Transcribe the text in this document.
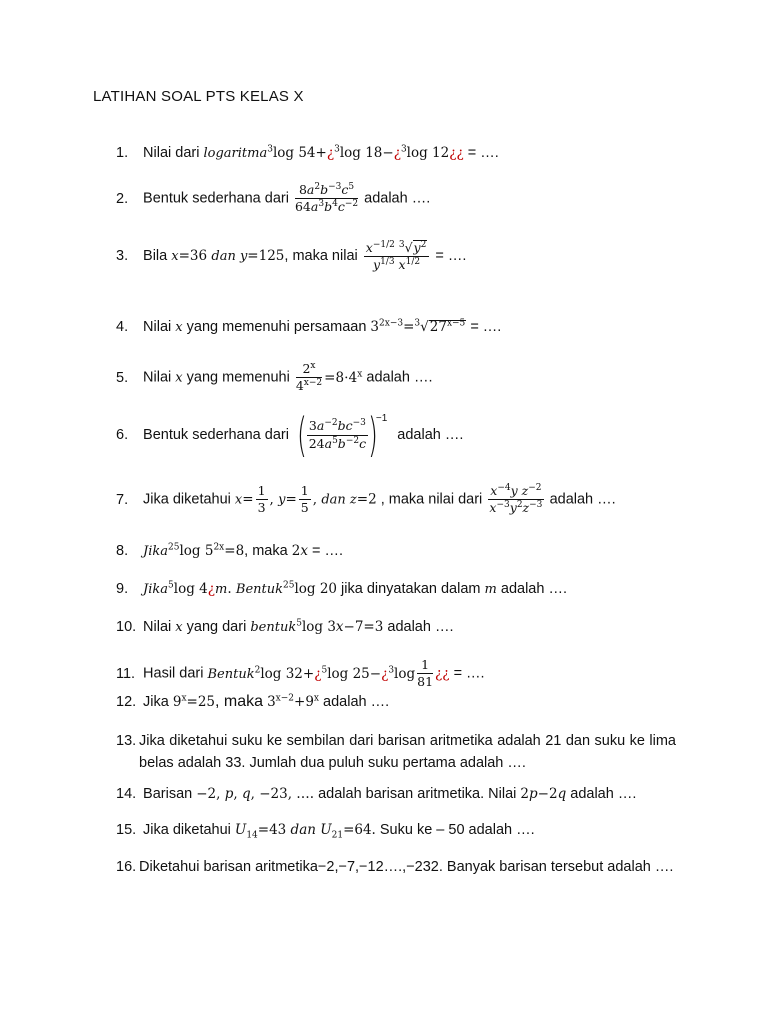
LATIHAN SOAL PTS KELAS X
1. Nilai dari logaritma$^3$log 54+¿$^3$log 18−¿$^3$log 12¿¿ = ….
2. Bentuk sederhana dari $\frac{8a^2b^{-3}c^5}{64a^3b^4c^{-2}}$ adalah ….
3. Bila x=36 dan y=125, maka nilai $\frac{x^{-1/2} ^3√y^2}{y^{1/3} x^{1/2}}$ = ….
4. Nilai x yang memenuhi persamaan $3^{2x-3}=^3√27^{x-5}$ = ….
5. Nilai x yang memenuhi $\frac{2^x}{4^{x-2}} =8\cdot 4^x$ adalah ….
6. Bentuk sederhana dari ( $\frac{3a^{-2}bc^{-3}}{24a^5b^{-2}c} )^{-1}$ adalah ….
7. Jika diketahui $x= \frac{1}{3}$ , $y= \frac{1}{5}$ , dan z=2 , maka nilai dari $\frac{x^{-4}y z^{-2}}{x^{-3}y^2z^{-3}}$ adalah ….
8. Jika$^{25}$log $5^{2x}=8$, maka 2x = ….
9. Jika$^5$log 4¿m. Bentuk$^{25}$log 20 jika dinyatakan dalam m adalah ….
10. Nilai x yang dari bentuk$^5$log 3x−7=3 adalah ….
11. Hasil dari Bentuk$^2$log 32+¿$^5$log 25−¿$^3$log $\frac{1}{81}$ ¿¿ = ….
12. Jika $9^x=25$, maka $3^{x-2}+9^x$ adalah ….
13. Jika diketahui suku ke sembilan dari barisan aritmetika adalah 21 dan suku ke lima belas adalah 33. Jumlah dua puluh suku pertama adalah ….
14. Barisan −2, p, q, −23, …. adalah barisan aritmetika. Nilai 2p−2q adalah ….
15. Jika diketahui $U_{14}=43$ dan $U_{21}=64$. Suku ke – 50 adalah ….
16. Diketahui barisan aritmetika−2,−7,−12….,−232. Banyak barisan tersebut adalah ….
